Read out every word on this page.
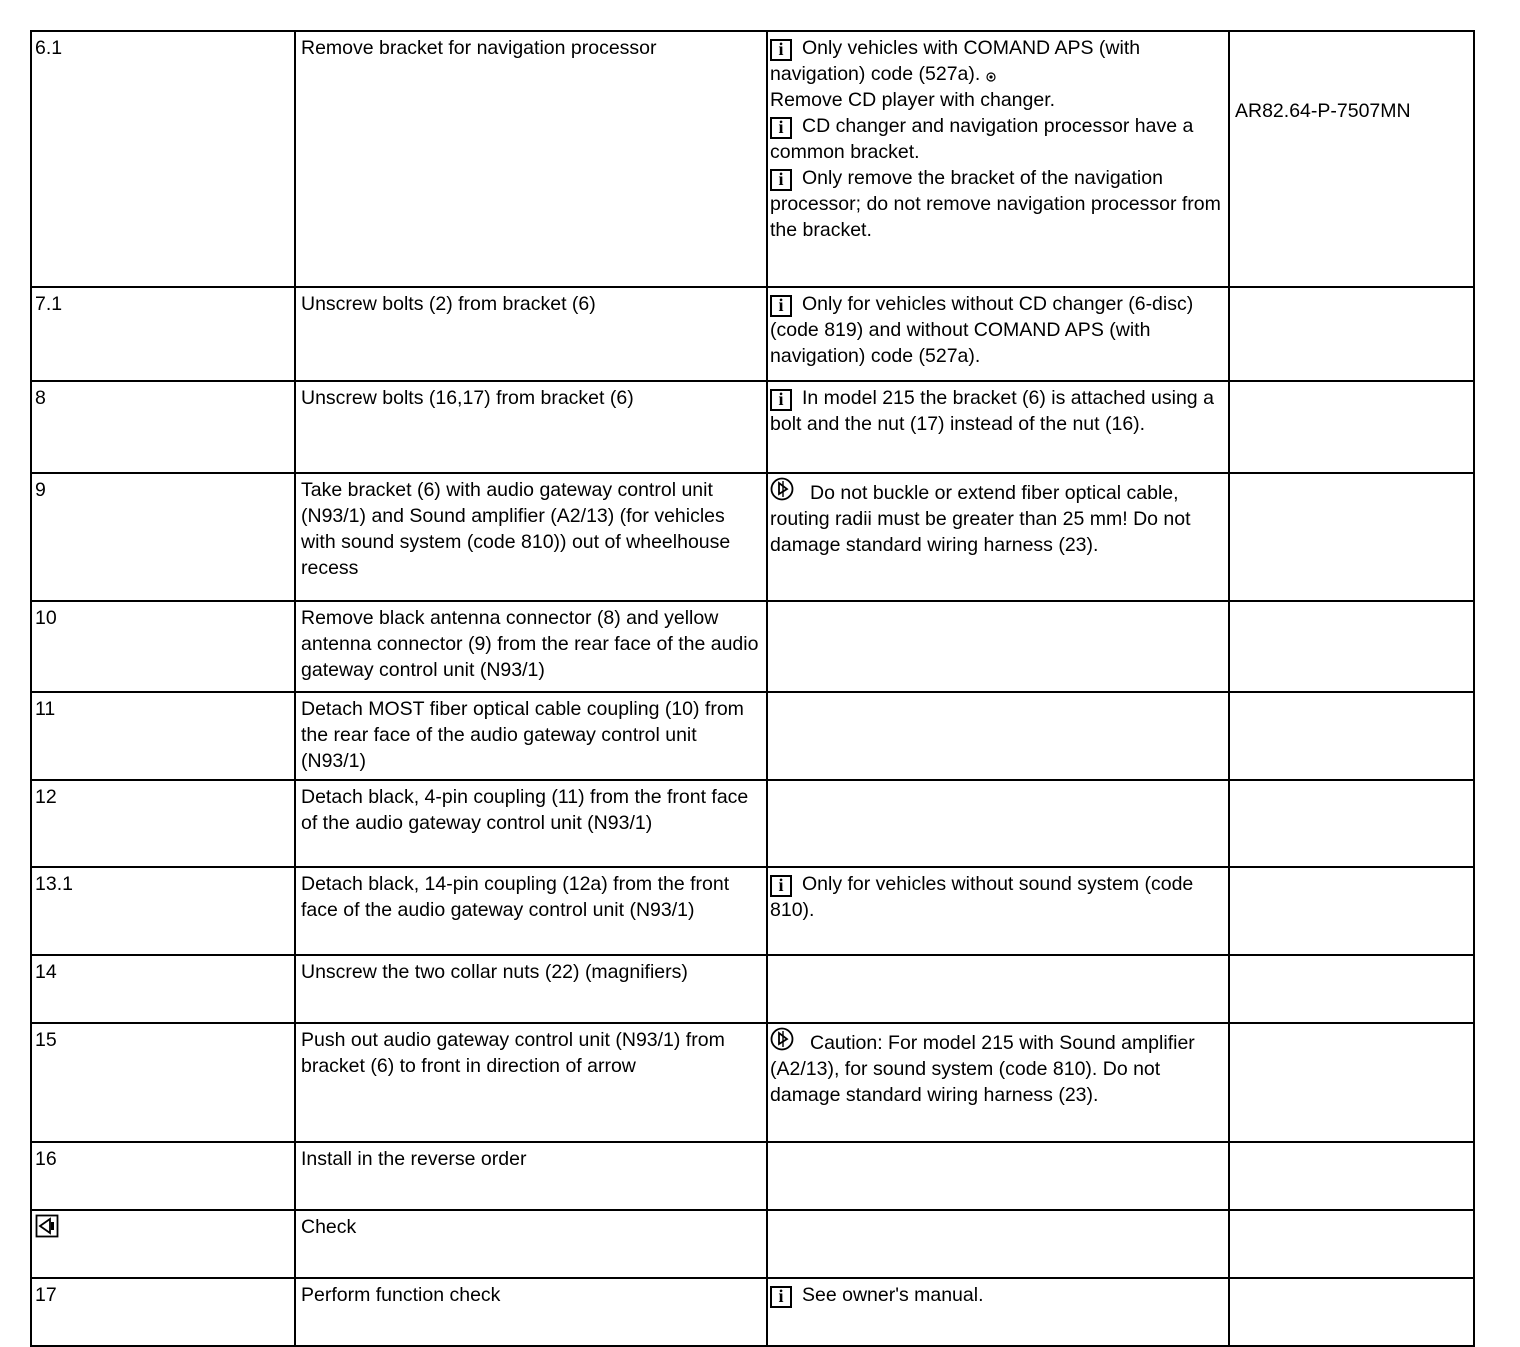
6.1	Remove bracket for navigation processor	i Only vehicles with COMAND APS (with navigation) code (527a).
Remove CD player with changer.
i CD changer and navigation processor have a common bracket.
i Only remove the bracket of the navigation processor; do not remove navigation processor from the bracket.	AR82.64-P-7507MN

7.1	Unscrew bolts (2) from bracket (6)	i Only for vehicles without CD changer (6-disc) (code 819) and without COMAND APS (with navigation) code (527a).	

8	Unscrew bolts (16,17) from bracket (6)	i In model 215 the bracket (6) is attached using a bolt and the nut (17) instead of the nut (16).	

9	Take bracket (6) with audio gateway control unit (N93/1) and Sound amplifier (A2/13) (for vehicles with sound system (code 810)) out of wheelhouse recess	Do not buckle or extend fiber optical cable, routing radii must be greater than 25 mm! Do not damage standard wiring harness (23).	

10	Remove black antenna connector (8) and yellow antenna connector (9) from the rear face of the audio gateway control unit (N93/1)		

11	Detach MOST fiber optical cable coupling (10) from the rear face of the audio gateway control unit (N93/1)		

12	Detach black, 4-pin coupling (11) from the front face of the audio gateway control unit (N93/1)		

13.1	Detach black, 14-pin coupling (12a) from the front face of the audio gateway control unit (N93/1)	i Only for vehicles without sound system (code 810).	

14	Unscrew the two collar nuts (22) (magnifiers)		

15	Push out audio gateway control unit (N93/1) from bracket (6) to front in direction of arrow	Caution: For model 215 with Sound amplifier (A2/13), for sound system (code 810). Do not damage standard wiring harness (23).	

16	Install in the reverse order		

	Check		

17	Perform function check	i See owner's manual.	
